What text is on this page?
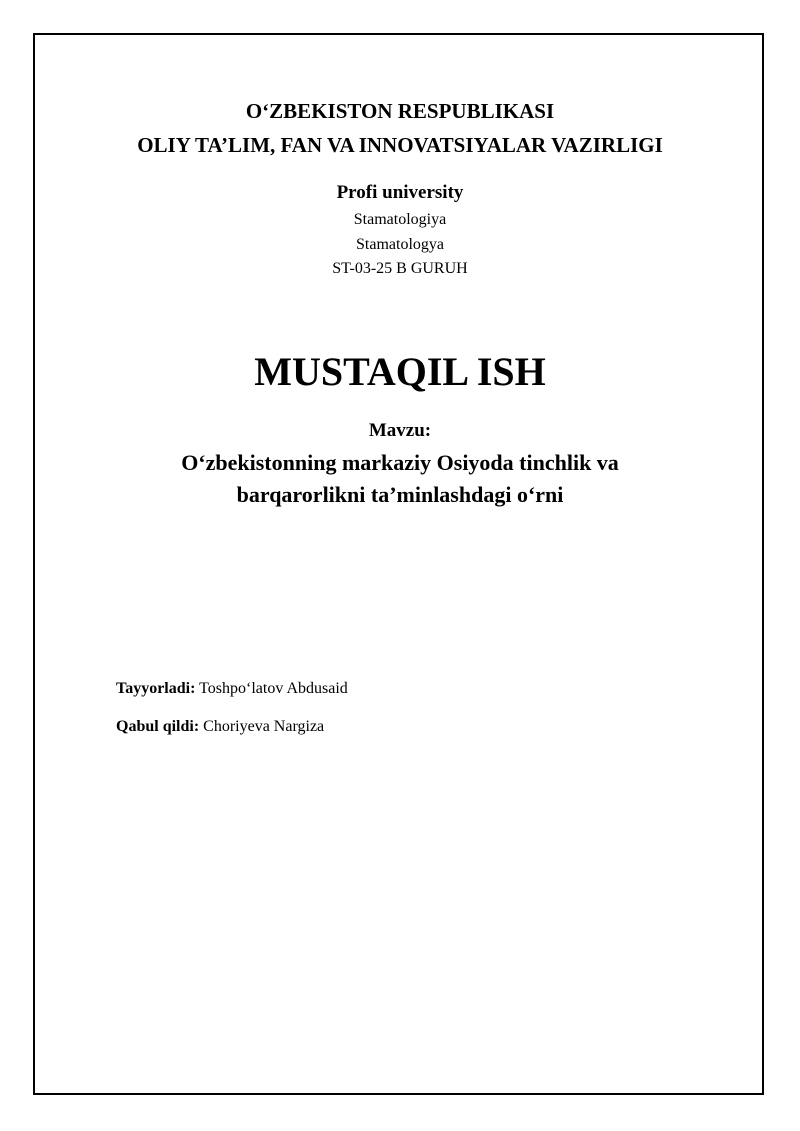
O‘ZBEKISTON RESPUBLIKASI
OLIY TA’LIM, FAN VA INNOVATSIYALAR VAZIRLIGI
Profi university
Stamatologiya
Stamatologya
ST-03-25 B GURUH
MUSTAQIL ISH
Mavzu:
O‘zbekistonning markaziy Osiyoda tinchlik va
barqarorlikni ta’minlashdagi o‘rni
Tayyorladi: Toshpo‘latov Abdusaid
Qabul qildi: Choriyeva Nargiza
